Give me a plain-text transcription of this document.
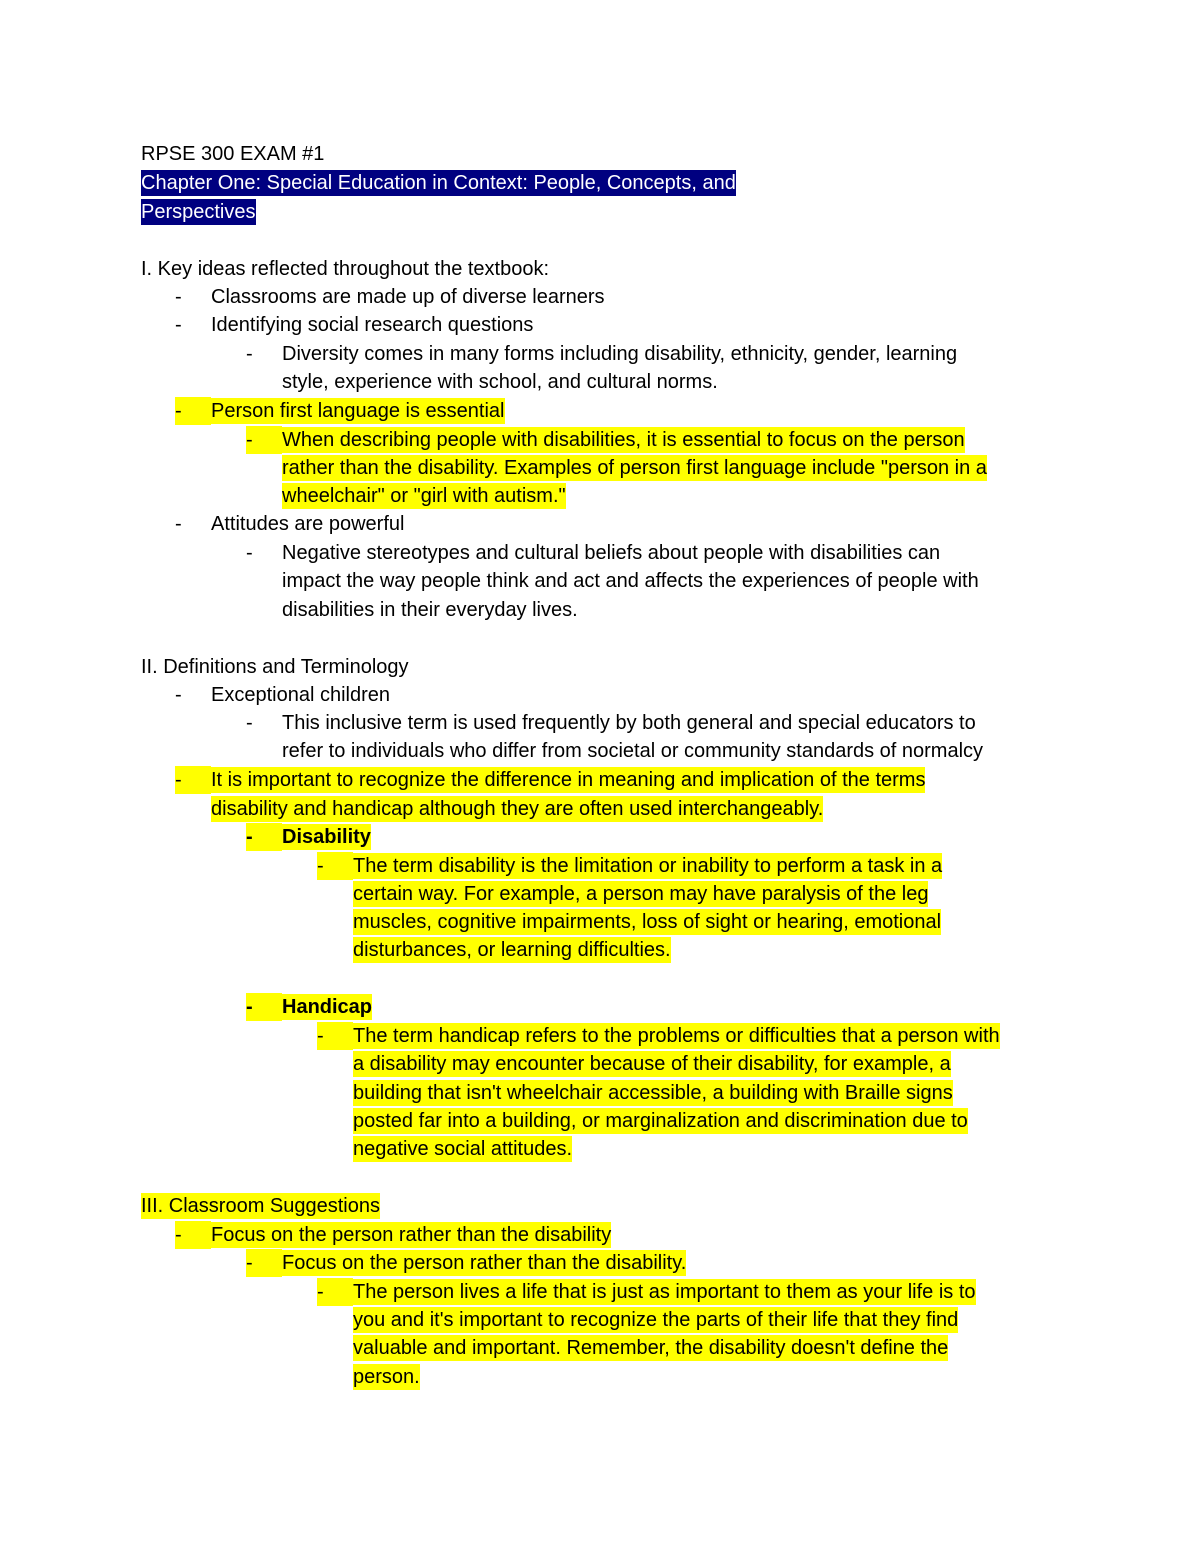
RPSE 300 EXAM #1
Chapter One: Special Education in Context: People, Concepts, and
Perspectives
I. Key ideas reflected throughout the textbook:
-	Classrooms are made up of diverse learners
-	Identifying social research questions
-	Diversity comes in many forms including disability, ethnicity, gender, learning
style, experience with school, and cultural norms.
-	Person first language is essential
-	When describing people with disabilities, it is essential to focus on the person
rather than the disability. Examples of person first language include "person in a
wheelchair" or "girl with autism."
-	Attitudes are powerful
-	Negative stereotypes and cultural beliefs about people with disabilities can
impact the way people think and act and affects the experiences of people with
disabilities in their everyday lives.
II. Definitions and Terminology
-	Exceptional children
-	This inclusive term is used frequently by both general and special educators to
refer to individuals who differ from societal or community standards of normalcy
-	It is important to recognize the difference in meaning and implication of the terms
disability and handicap although they are often used interchangeably.
-	Disability
-	The term disability is the limitation or inability to perform a task in a
certain way. For example, a person may have paralysis of the leg
muscles, cognitive impairments, loss of sight or hearing, emotional
disturbances, or learning difficulties.
-	Handicap
-	The term handicap refers to the problems or difficulties that a person with
a disability may encounter because of their disability, for example, a
building that isn't wheelchair accessible, a building with Braille signs
posted far into a building, or marginalization and discrimination due to
negative social attitudes.
III. Classroom Suggestions
-	Focus on the person rather than the disability
-	Focus on the person rather than the disability.
-	The person lives a life that is just as important to them as your life is to
you and it's important to recognize the parts of their life that they find
valuable and important. Remember, the disability doesn't define the
person.
